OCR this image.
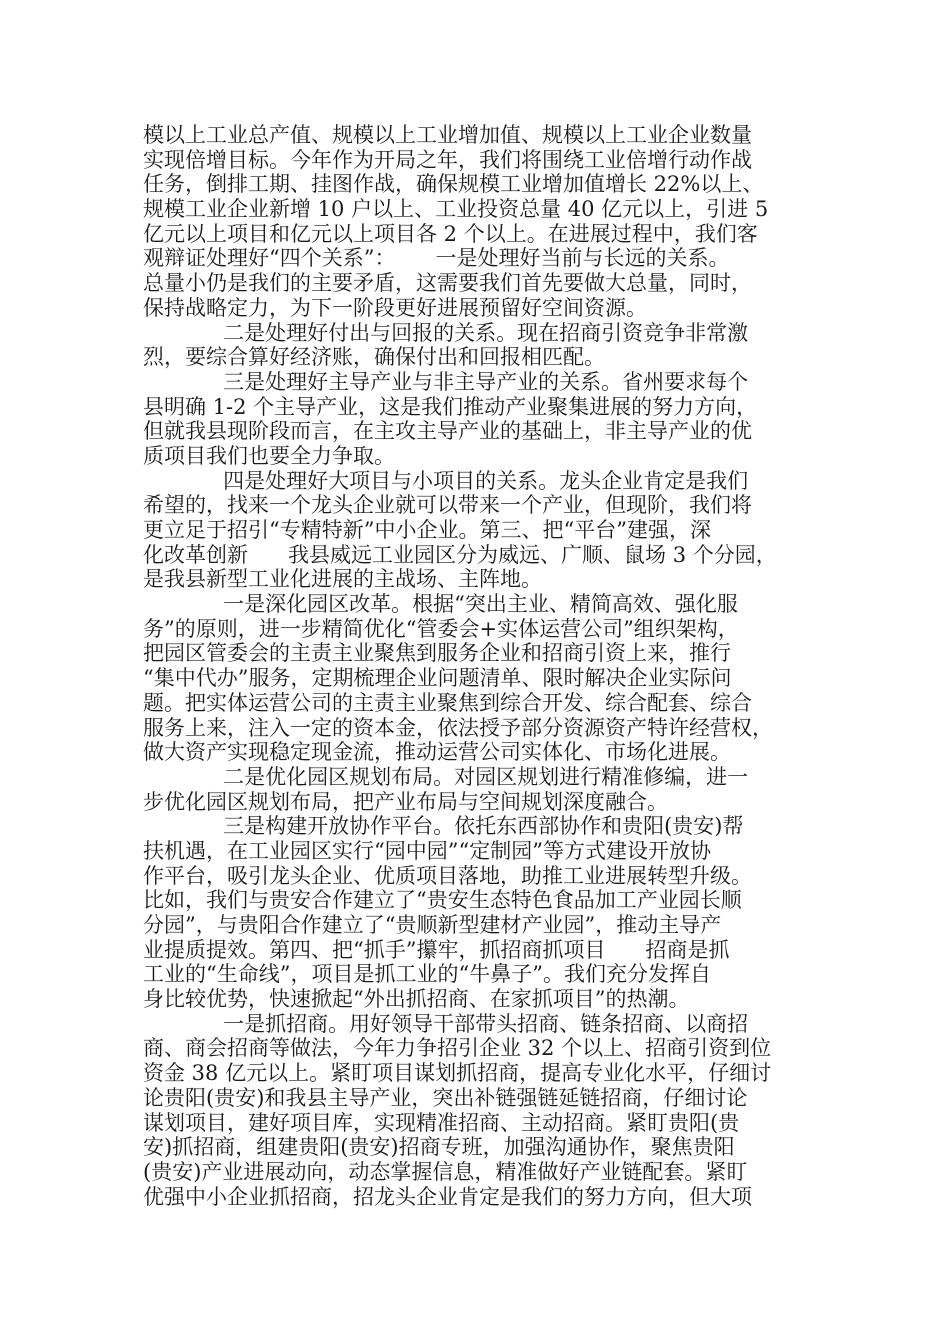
模以上工业总产值、规模以上工业增加值、规模以上工业企业数量
实现倍增目标。今年作为开局之年，我们将围绕工业倍增行动作战
任务，倒排工期、挂图作战，确保规模工业增加值增长 22%以上、
规模工业企业新增 10 户以上、工业投资总量 40 亿元以上，引进 5
亿元以上项目和亿元以上项目各 2 个以上。在进展过程中，我们客
观辩证处理好“四个关系”：      一是处理好当前与长远的关系。
总量小仍是我们的主要矛盾，这需要我们首先要做大总量，同时，
保持战略定力，为下一阶段更好进展预留好空间资源。
二是处理好付出与回报的关系。现在招商引资竞争非常激
烈，要综合算好经济账，确保付出和回报相匹配。
三是处理好主导产业与非主导产业的关系。省州要求每个
县明确 1-2 个主导产业，这是我们推动产业聚集进展的努力方向，
但就我县现阶段而言，在主攻主导产业的基础上，非主导产业的优
质项目我们也要全力争取。
四是处理好大项目与小项目的关系。龙头企业肯定是我们
希望的，找来一个龙头企业就可以带来一个产业，但现阶，我们将
更立足于招引“专精特新”中小企业。第三、把“平台”建强，深
化改革创新      我县威远工业园区分为威远、广顺、鼠场 3 个分园，
是我县新型工业化进展的主战场、主阵地。
一是深化园区改革。根据“突出主业、精简高效、强化服
务”的原则，进一步精简优化“管委会+实体运营公司”组织架构，
把园区管委会的主责主业聚焦到服务企业和招商引资上来，推行
“集中代办”服务，定期梳理企业问题清单、限时解决企业实际问
题。把实体运营公司的主责主业聚焦到综合开发、综合配套、综合
服务上来，注入一定的资本金，依法授予部分资源资产特许经营权，
做大资产实现稳定现金流，推动运营公司实体化、市场化进展。
二是优化园区规划布局。对园区规划进行精准修编，进一
步优化园区规划布局，把产业布局与空间规划深度融合。
三是构建开放协作平台。依托东西部协作和贵阳(贵安)帮
扶机遇，在工业园区实行“园中园”“定制园”等方式建设开放协
作平台，吸引龙头企业、优质项目落地，助推工业进展转型升级。
比如，我们与贵安合作建立了“贵安生态特色食品加工产业园长顺
分园”，与贵阳合作建立了“贵顺新型建材产业园”，推动主导产
业提质提效。第四、把“抓手”攥牢，抓招商抓项目      招商是抓
工业的“生命线”，项目是抓工业的“牛鼻子”。我们充分发挥自
身比较优势，快速掀起“外出抓招商、在家抓项目”的热潮。
一是抓招商。用好领导干部带头招商、链条招商、以商招
商、商会招商等做法，今年力争招引企业 32 个以上、招商引资到位
资金 38 亿元以上。紧盯项目谋划抓招商，提高专业化水平，仔细讨
论贵阳(贵安)和我县主导产业，突出补链强链延链招商，仔细讨论
谋划项目，建好项目库，实现精准招商、主动招商。紧盯贵阳(贵
安)抓招商，组建贵阳(贵安)招商专班，加强沟通协作，聚焦贵阳
(贵安)产业进展动向，动态掌握信息，精准做好产业链配套。紧盯
优强中小企业抓招商，招龙头企业肯定是我们的努力方向，但大项
